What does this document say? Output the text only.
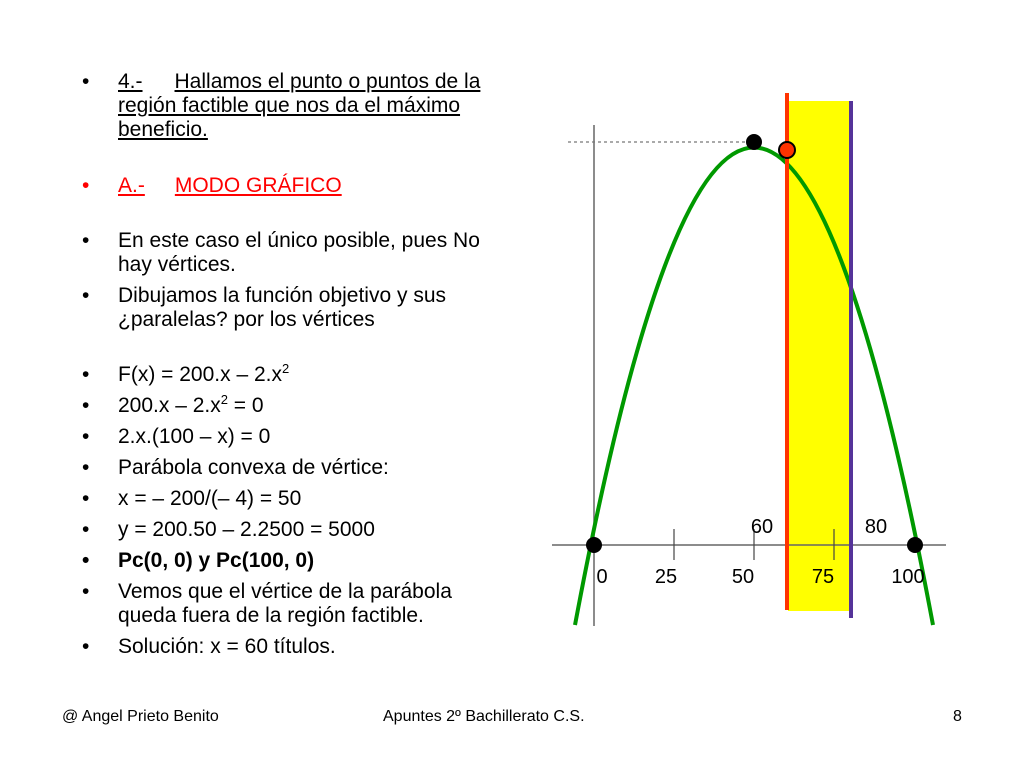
• 4.- Hallamos el punto o puntos de la región factible que nos da el máximo beneficio.
• A.- MODO GRÁFICO
• En este caso el único posible, pues No hay vértices.
• Dibujamos la función objetivo y sus ¿paralelas? por los vértices
• $F(x) = 200.x - 2.x^2$
• $200.x - 2.x^2 = 0$
• 2.x.(100 – x) = 0
• Parábola convexa de vértice:
• x = – 200/(– 4) = 50
• y = 200.50 – 2.2500 = 5000
• Pc(0, 0) y Pc(100, 0)
• Vemos que el vértice de la parábola queda fuera de la región factible.
• Solución: x = 60 títulos.
0 25	50	75	100
60	80
@ Angel Prieto Benito	Apuntes 2º Bachillerato C.S.	8
